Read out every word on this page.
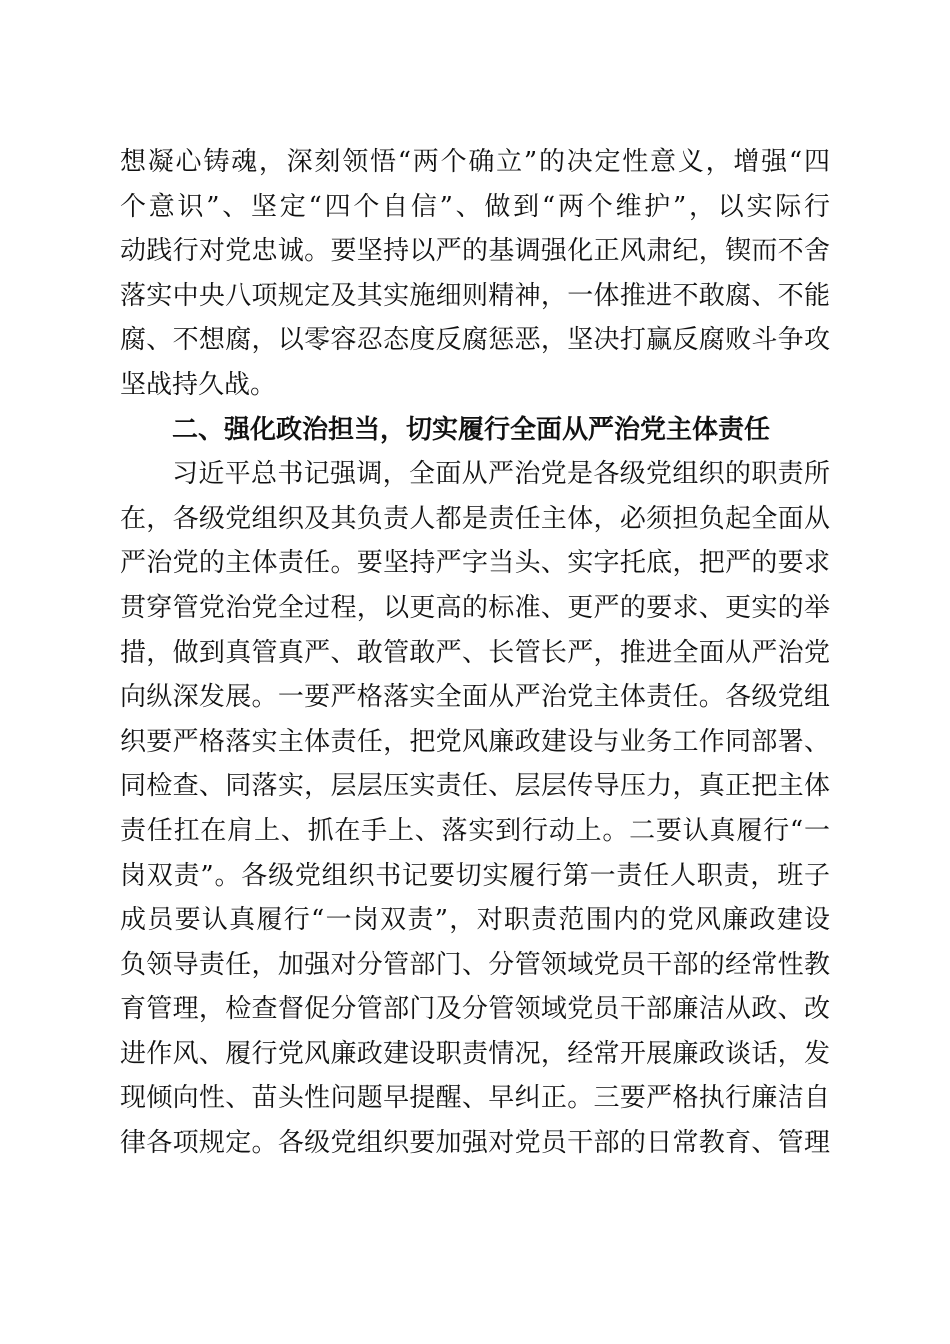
想凝心铸魂，深刻领悟“两个确立”的决定性意义，增强“四
个意识”、坚定“四个自信”、做到“两个维护”，以实际行
动践行对党忠诚。要坚持以严的基调强化正风肃纪，锲而不舍
落实中央八项规定及其实施细则精神，一体推进不敢腐、不能
腐、不想腐，以零容忍态度反腐惩恶，坚决打赢反腐败斗争攻
坚战持久战。
二、强化政治担当，切实履行全面从严治党主体责任
习近平总书记强调，全面从严治党是各级党组织的职责所
在，各级党组织及其负责人都是责任主体，必须担负起全面从
严治党的主体责任。要坚持严字当头、实字托底，把严的要求
贯穿管党治党全过程，以更高的标准、更严的要求、更实的举
措，做到真管真严、敢管敢严、长管长严，推进全面从严治党
向纵深发展。一要严格落实全面从严治党主体责任。各级党组
织要严格落实主体责任，把党风廉政建设与业务工作同部署、
同检查、同落实，层层压实责任、层层传导压力，真正把主体
责任扛在肩上、抓在手上、落实到行动上。二要认真履行“一
岗双责”。各级党组织书记要切实履行第一责任人职责，班子
成员要认真履行“一岗双责”，对职责范围内的党风廉政建设
负领导责任，加强对分管部门、分管领域党员干部的经常性教
育管理，检查督促分管部门及分管领域党员干部廉洁从政、改
进作风、履行党风廉政建设职责情况，经常开展廉政谈话，发
现倾向性、苗头性问题早提醒、早纠正。三要严格执行廉洁自
律各项规定。各级党组织要加强对党员干部的日常教育、管理
